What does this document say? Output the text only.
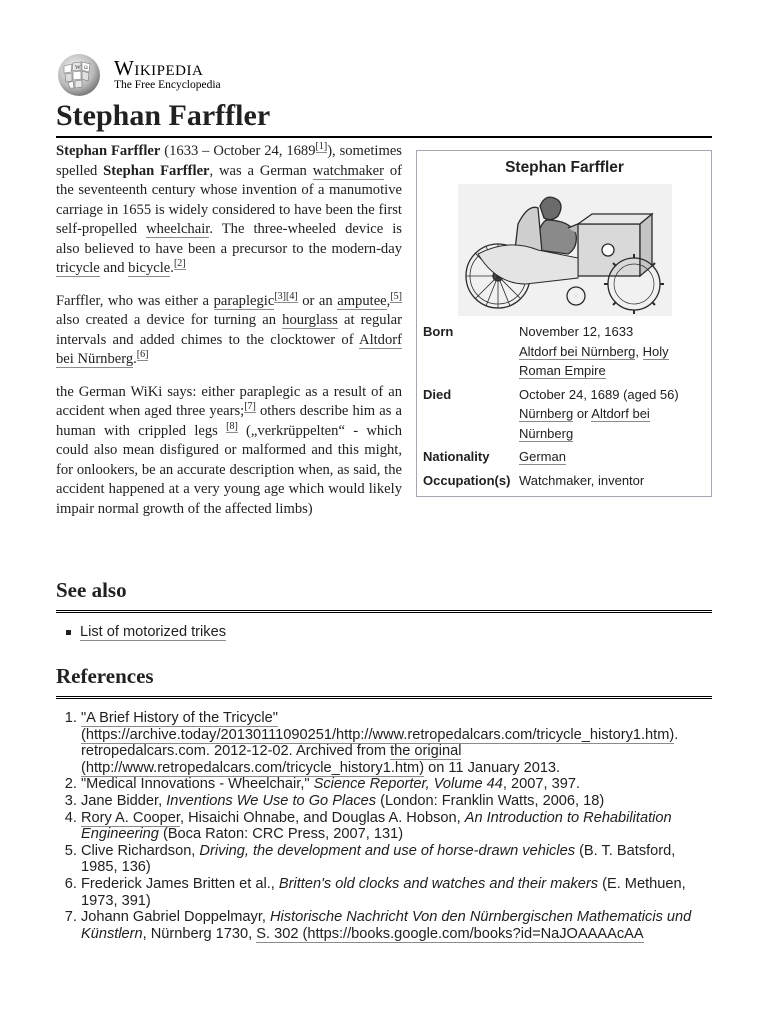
W Ω Wikipedia
The Free Encyclopedia
Stephan Farffler
Stephan Farffler
Born	November 12, 1633
Altdorf bei Nürnberg, Holy Roman Empire
Died	October 24, 1689 (aged 56)
Nürnberg or Altdorf bei Nürnberg
Nationality	German
Occupation(s) Watchmaker, inventor

Stephan Farffler (1633 – October 24, 1689[1]), sometimes spelled Stephan Farffler, was a German watchmaker of the seventeenth century whose invention of a manumotive carriage in 1655 is widely considered to have been the first self-propelled wheelchair. The three-wheeled device is also believed to have been a precursor to the modern-day tricycle and bicycle.[2]

Farffler, who was either a paraplegic[3][4] or an amputee,[5] also created a device for turning an hourglass at regular intervals and added chimes to the clocktower of Altdorf bei Nürnberg.[6]

the German WiKi says: either paraplegic as a result of an accident when aged three years;[7] others describe him as a human with crippled legs [8] („verkrüppelten“ - which could also mean disfigured or malformed and this might, for onlookers, be an accurate description when, as said, the accident happened at a very young age which would likely impair normal growth of the affected limbs)

See also
List of motorized trikes
References
1. "A Brief History of the Tricycle" (https://archive.today/20130111090251/http://www.retropedalcars.com/tricycle_history1.htm). retropedalcars.com. 2012-12-02. Archived from the original (http://www.retropedalcars.com/tricycle_history1.htm) on 11 January 2013.
2. "Medical Innovations - Wheelchair," Science Reporter, Volume 44, 2007, 397.
3. Jane Bidder, Inventions We Use to Go Places (London: Franklin Watts, 2006, 18)
4. Rory A. Cooper, Hisaichi Ohnabe, and Douglas A. Hobson, An Introduction to Rehabilitation Engineering (Boca Raton: CRC Press, 2007, 131)
5. Clive Richardson, Driving, the development and use of horse-drawn vehicles (B. T. Batsford, 1985, 136)
6. Frederick James Britten et al., Britten's old clocks and watches and their makers (E. Methuen, 1973, 391)
7. Johann Gabriel Doppelmayr, Historische Nachricht Von den Nürnbergischen Mathematicis und Künstlern, Nürnberg 1730, S. 302 (https://books.google.com/books?id=NaJOAAAAcAA
